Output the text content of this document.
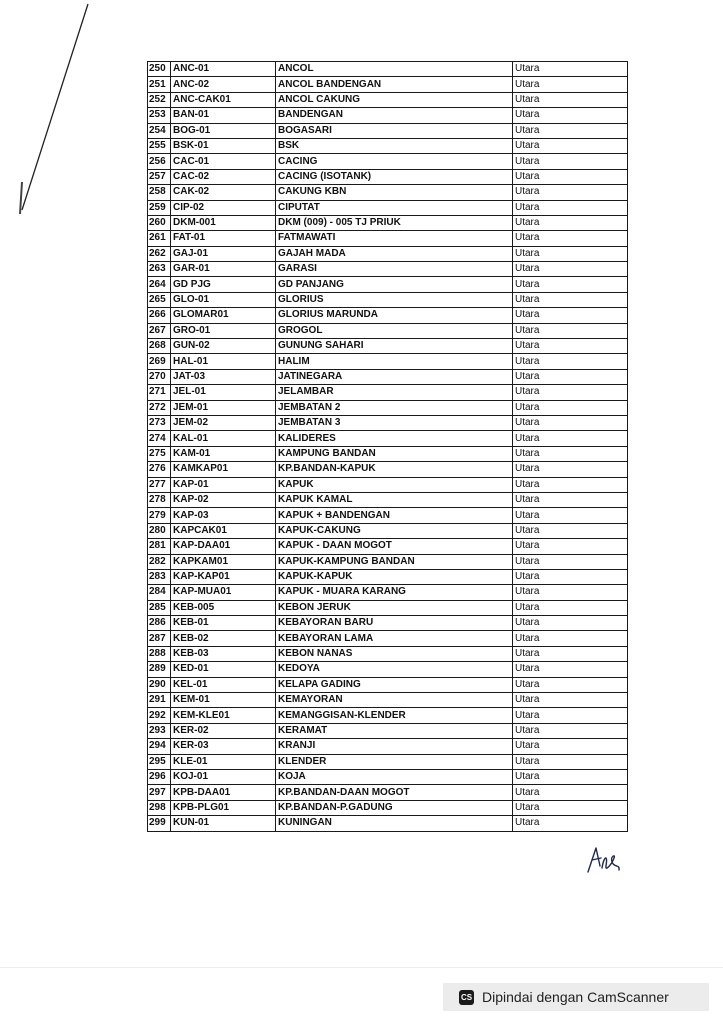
250	ANC-01	ANCOL	Utara
251	ANC-02	ANCOL BANDENGAN	Utara
252	ANC-CAK01	ANCOL CAKUNG	Utara
253	BAN-01	BANDENGAN	Utara
254	BOG-01	BOGASARI	Utara
255	BSK-01	BSK	Utara
256	CAC-01	CACING	Utara
257	CAC-02	CACING (ISOTANK)	Utara
258	CAK-02	CAKUNG KBN	Utara
259	CIP-02	CIPUTAT	Utara
260	DKM-001	DKM (009) - 005 TJ PRIUK	Utara
261	FAT-01	FATMAWATI	Utara
262	GAJ-01	GAJAH MADA	Utara
263	GAR-01	GARASI	Utara
264	GD PJG	GD PANJANG	Utara
265	GLO-01	GLORIUS	Utara
266	GLOMAR01	GLORIUS MARUNDA	Utara
267	GRO-01	GROGOL	Utara
268	GUN-02	GUNUNG SAHARI	Utara
269	HAL-01	HALIM	Utara
270	JAT-03	JATINEGARA	Utara
271	JEL-01	JELAMBAR	Utara
272	JEM-01	JEMBATAN 2	Utara
273	JEM-02	JEMBATAN 3	Utara
274	KAL-01	KALIDERES	Utara
275	KAM-01	KAMPUNG BANDAN	Utara
276	KAMKAP01	KP.BANDAN-KAPUK	Utara
277	KAP-01	KAPUK	Utara
278	KAP-02	KAPUK KAMAL	Utara
279	KAP-03	KAPUK + BANDENGAN	Utara
280	KAPCAK01	KAPUK-CAKUNG	Utara
281	KAP-DAA01	KAPUK - DAAN MOGOT	Utara
282	KAPKAM01	KAPUK-KAMPUNG BANDAN	Utara
283	KAP-KAP01	KAPUK-KAPUK	Utara
284	KAP-MUA01	KAPUK - MUARA KARANG	Utara
285	KEB-005	KEBON JERUK	Utara
286	KEB-01	KEBAYORAN BARU	Utara
287	KEB-02	KEBAYORAN LAMA	Utara
288	KEB-03	KEBON NANAS	Utara
289	KED-01	KEDOYA	Utara
290	KEL-01	KELAPA GADING	Utara
291	KEM-01	KEMAYORAN	Utara
292	KEM-KLE01	KEMANGGISAN-KLENDER	Utara
293	KER-02	KERAMAT	Utara
294	KER-03	KRANJI	Utara
295	KLE-01	KLENDER	Utara
296	KOJ-01	KOJA	Utara
297	KPB-DAA01	KP.BANDAN-DAAN MOGOT	Utara
298	KPB-PLG01	KP.BANDAN-P.GADUNG	Utara
299	KUN-01	KUNINGAN	Utara
CS Dipindai dengan CamScanner
